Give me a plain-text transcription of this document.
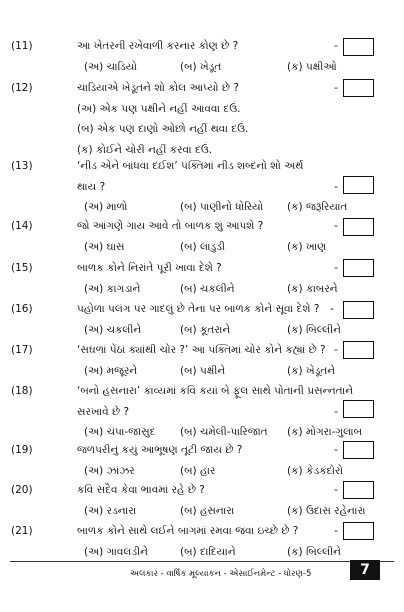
(11)	આ ખેતરની રખેવાળી કરનાર કોણ છે ?	-
(અ) ચાડિયો	(બ) ખેડૂત	(ક) પક્ષીઓ
(12)	ચાડિયાએ ખેડૂતને શો કોલ આપ્યો છે ?	-
(અ) એક પણ પક્ષીને નહીં આવવા દઉં.
(બ) એક પણ દાણો ઓછો નહીં થવા દઉં.
(ક) કોઈને ચોરી નહીં કરવા દઉં.
(13)	‘નીડ એને બાંધવા દઈશ’ પંક્તિમાં નીડ શબ્દનો શો અર્થ
થાય ?	-
(અ) માળો	(બ) પાણીનો ધોરિયો (ક) જરૂરિયાત
(14)	જો આંગણે ગાય આવે તો બાળક શું આપશે ?	-
(અ) ઘાસ	(બ) લાડુડી	(ક) ખાણ
(15)	બાળક કોને નિરાંતે પૂરી ખાવા દેશે ?	-
(અ) કાગડાને	(બ) ચકલીને	(ક) કાબરને
(16)	પહોળા પલંગ પર ગાદલું છે તેના પર બાળક કોને સૂવા દેશે ? -
(અ) ચકલીને	(બ) કૂતરાને	(ક) બિલ્લીને
(17)	‘સઘળાં પેંઠાં ક્યાંથી ચોર ?’ આ પંક્તિમાં ચોર કોને કહ્યાં છે ? -
(અ) મજૂરને	(બ) પક્ષીને	(ક) ખેડૂતને
(18)	‘બનો હસનારા’ કાવ્યમાં કવિ કયાં બે ફૂલ સાથે પોતાની પ્રસન્નતાને
સરખાવે છે ?	-
(અ) ચંપા-જાસુદ (બ) ચમેલી-પારિજાત (ક) મોગરા-ગુલાબ
(19)	જળપરીનું કયું આભૂષણ તૂટી જાય છે ?	-
(અ) ઝાંઝર	(બ) હાર	(ક) કેડકંદોરો
(20)	કવિ સદૈવ કેવા ભાવમાં રહે છે ?	-
(અ) રડનારા	(બ) હસનારા	(ક) ઉદાસ રહેનારા
(21)	બાળક કોને સાથે લઈને બાગમાં રમવા જવા ઇચ્છે છે ?	-
(અ) ગાવલડીને	(બ) દાદિયાને	(ક) બિલ્લીને
અલંકાર - વાર્ષિક મૂલ્યાંકન - એસાઈનમેન્ટ - ધોરણ-5	7
